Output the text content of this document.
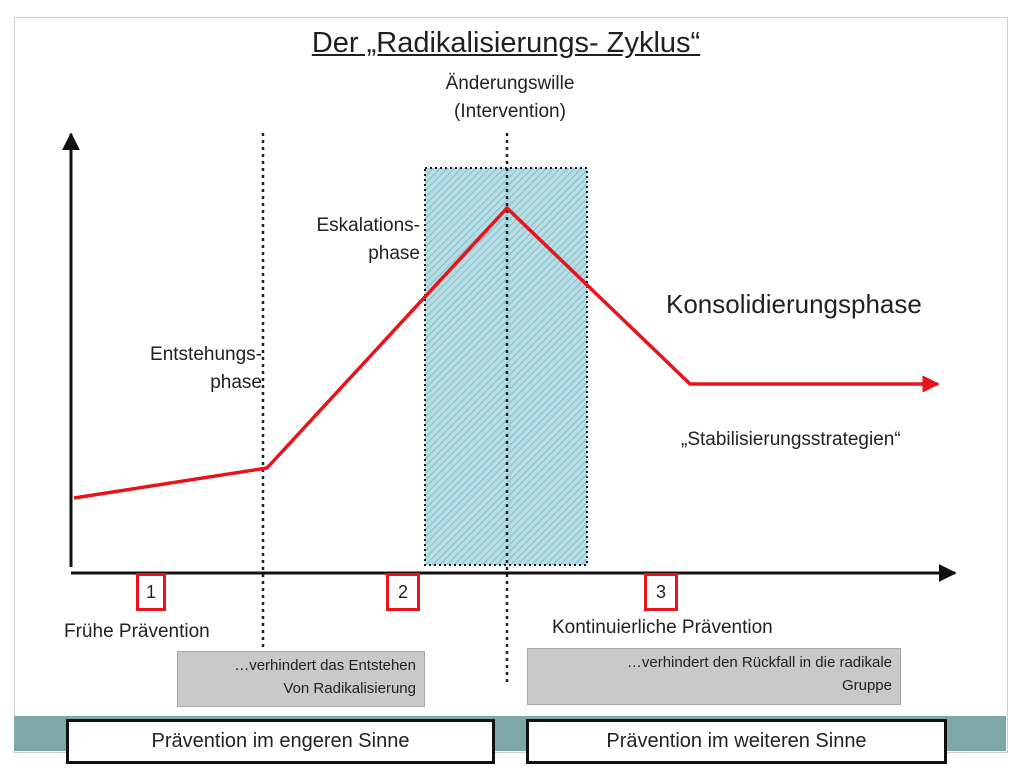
Der „Radikalisierungs- Zyklus“
Änderungswille
(Intervention)
Eskalations-
phase
Entstehungs-
phase
Konsolidierungsphase
„Stabilisierungsstrategien“
1	2	3
Frühe Prävention	Kontinuierliche Prävention
…verhindert das Entstehen
Von Radikalisierung
…verhindert den Rückfall in die radikale
Gruppe
Prävention im engeren Sinne	Prävention im weiteren Sinne
